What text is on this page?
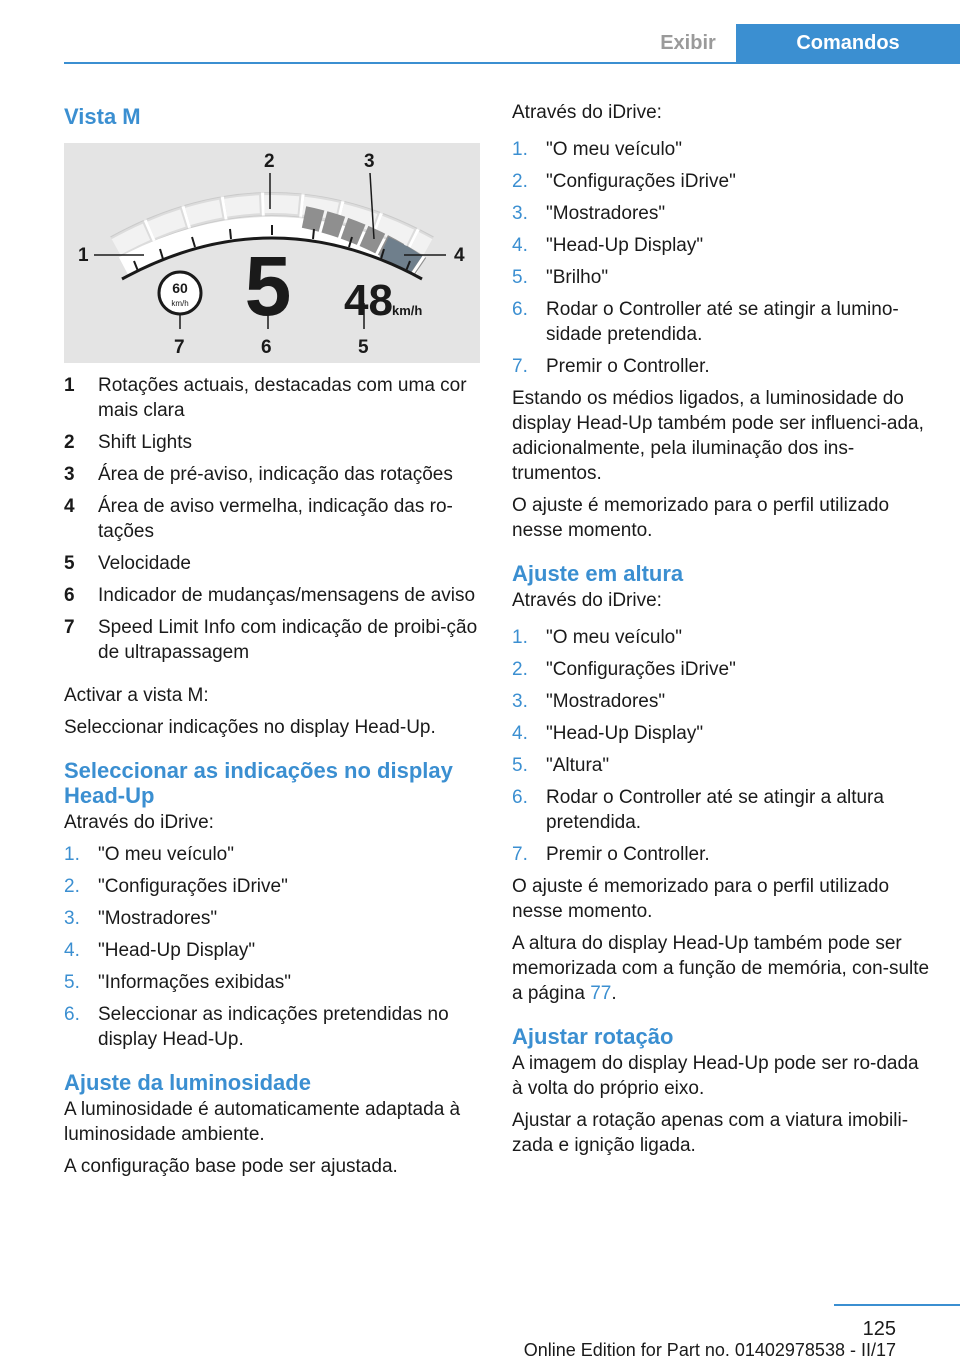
Exibir	Comandos
Vista M
1
2	3
4
5
6
7
60
km/h 5 48 km/h
1	Rotações actuais, destacadas com uma cor mais clara
2	Shift Lights
3	Área de pré-aviso, indicação das rotações
4	Área de aviso vermelha, indicação das ro‐tações
5	Velocidade
6	Indicador de mudanças/mensagens de aviso
7	Speed Limit Info com indicação de proibi‐ção de ultrapassagem
Activar a vista M:
Seleccionar indicações no display Head-Up.
Seleccionar as indicações no display Head-Up
Através do iDrive:
1. "O meu veículo"
2. "Configurações iDrive"
3. "Mostradores"
4. "Head-Up Display"
5. "Informações exibidas"
6. Seleccionar as indicações pretendidas no display Head-Up.
Ajuste da luminosidade
A luminosidade é automaticamente adaptada à luminosidade ambiente.
A configuração base pode ser ajustada.
Através do iDrive:
1. "O meu veículo"
2. "Configurações iDrive"
3. "Mostradores"
4. "Head-Up Display"
5. "Brilho"
6. Rodar o Controller até se atingir a lumino‐sidade pretendida.
7. Premir o Controller.
Estando os médios ligados, a luminosidade do display Head-Up também pode ser influenci‐ada, adicionalmente, pela iluminação dos ins‐trumentos.
O ajuste é memorizado para o perfil utilizado nesse momento.
Ajuste em altura
Através do iDrive:
1. "O meu veículo"
2. "Configurações iDrive"
3. "Mostradores"
4. "Head-Up Display"
5. "Altura"
6. Rodar o Controller até se atingir a altura pretendida.
7. Premir o Controller.
O ajuste é memorizado para o perfil utilizado nesse momento.
A altura do display Head-Up também pode ser memorizada com a função de memória, con‐sulte a página 77.
Ajustar rotação
A imagem do display Head-Up pode ser ro‐dada à volta do próprio eixo.
Ajustar a rotação apenas com a viatura imobili‐zada e ignição ligada.
125
Online Edition for Part no. 01402978538 - II/17
